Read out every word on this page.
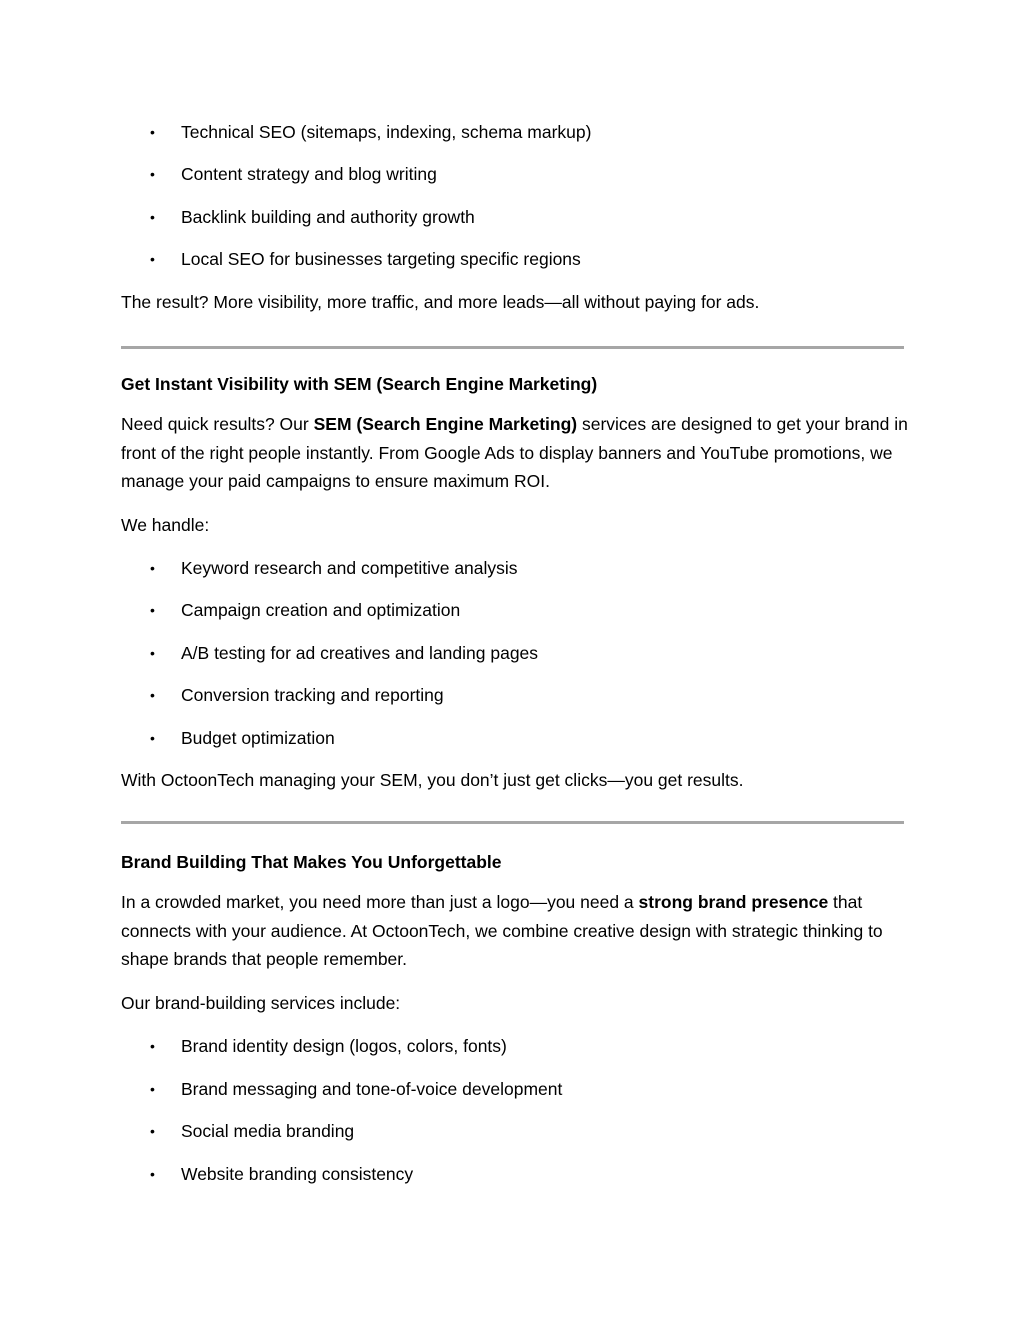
• Technical SEO (sitemaps, indexing, schema markup)
• Content strategy and blog writing
• Backlink building and authority growth
• Local SEO for businesses targeting specific regions
The result? More visibility, more traffic, and more leads—all without paying for ads.
Get Instant Visibility with SEM (Search Engine Marketing)
Need quick results? Our SEM (Search Engine Marketing) services are designed to get your brand in front of the right people instantly. From Google Ads to display banners and YouTube promotions, we manage your paid campaigns to ensure maximum ROI.
We handle:
• Keyword research and competitive analysis
• Campaign creation and optimization
• A/B testing for ad creatives and landing pages
• Conversion tracking and reporting
• Budget optimization
With OctoonTech managing your SEM, you don’t just get clicks—you get results.
Brand Building That Makes You Unforgettable
In a crowded market, you need more than just a logo—you need a strong brand presence that connects with your audience. At OctoonTech, we combine creative design with strategic thinking to shape brands that people remember.
Our brand-building services include:
• Brand identity design (logos, colors, fonts)
• Brand messaging and tone-of-voice development
• Social media branding
• Website branding consistency
